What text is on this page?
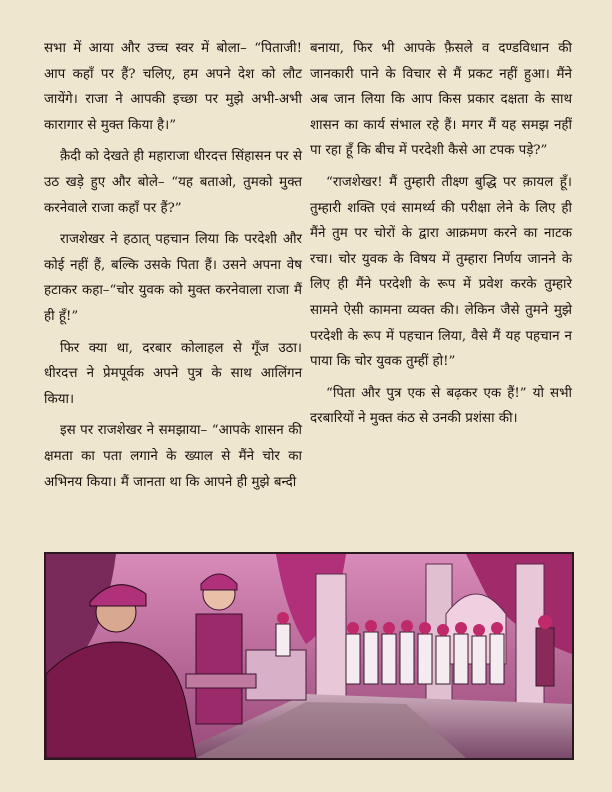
सभा में आया और उच्च स्वर में बोला– “पिताजी! आप कहाँ पर हैं? चलिए, हम अपने देश को लौट जायेंगे। राजा ने आपकी इच्छा पर मुझे अभी-अभी कारागार से मुक्त किया है।”

क़ैदी को देखते ही महाराजा धीरदत्त सिंहासन पर से उठ खड़े हुए और बोले– “यह बताओ, तुमको मुक्त करनेवाले राजा कहाँ पर हैं?”

राजशेखर ने हठात् पहचान लिया कि परदेशी और कोई नहीं हैं, बल्कि उसके पिता हैं। उसने अपना वेष हटाकर कहा–“चोर युवक को मुक्त करनेवाला राजा मैं ही हूँ!”

फिर क्या था, दरबार कोलाहल से गूँज उठा। धीरदत्त ने प्रेमपूर्वक अपने पुत्र के साथ आलिंगन किया।

इस पर राजशेखर ने समझाया– “आपके शासन की क्षमता का पता लगाने के ख्याल से मैंने चोर का अभिनय किया। मैं जानता था कि आपने ही मुझे बन्दी

बनाया, फिर भी आपके फ़ैसले व दण्डविधान की जानकारी पाने के विचार से मैं प्रकट नहीं हुआ। मैंने अब जान लिया कि आप किस प्रकार दक्षता के साथ शासन का कार्य संभाल रहे हैं। मगर मैं यह समझ नहीं पा रहा हूँ कि बीच में परदेशी कैसे आ टपक पड़े?”

“राजशेखर! मैं तुम्हारी तीक्ष्ण बुद्धि पर क़ायल हूँ। तुम्हारी शक्ति एवं सामर्थ्य की परीक्षा लेने के लिए ही मैंने तुम पर चोरों के द्वारा आक्रमण करने का नाटक रचा। चोर युवक के विषय में तुम्हारा निर्णय जानने के लिए ही मैंने परदेशी के रूप में प्रवेश करके तुम्हारे सामने ऐसी कामना व्यक्त की। लेकिन जैसे तुमने मुझे परदेशी के रूप में पहचान लिया, वैसे मैं यह पहचान न पाया कि चोर युवक तुम्हीं हो!”

“पिता और पुत्र एक से बढ़कर एक हैं!” यो सभी दरबारियों ने मुक्त कंठ से उनकी प्रशंसा की।
